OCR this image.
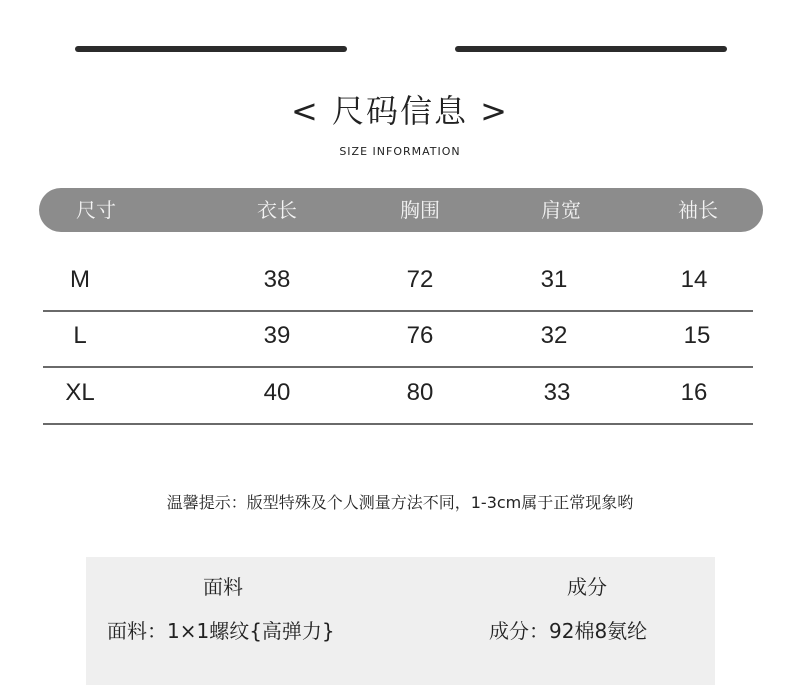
< 尺码信息 >
SIZE INFORMATION
尺寸	衣长	胸围	肩宽	袖长
M	38	72	31	14
L	39	76	32	15
XL	40	80	33	16
温馨提示：版型特殊及个人测量方法不同，1-3cm属于正常现象哟
面料	成分
面料：1×1螺纹{高弹力}	成分：92棉8氨纶
